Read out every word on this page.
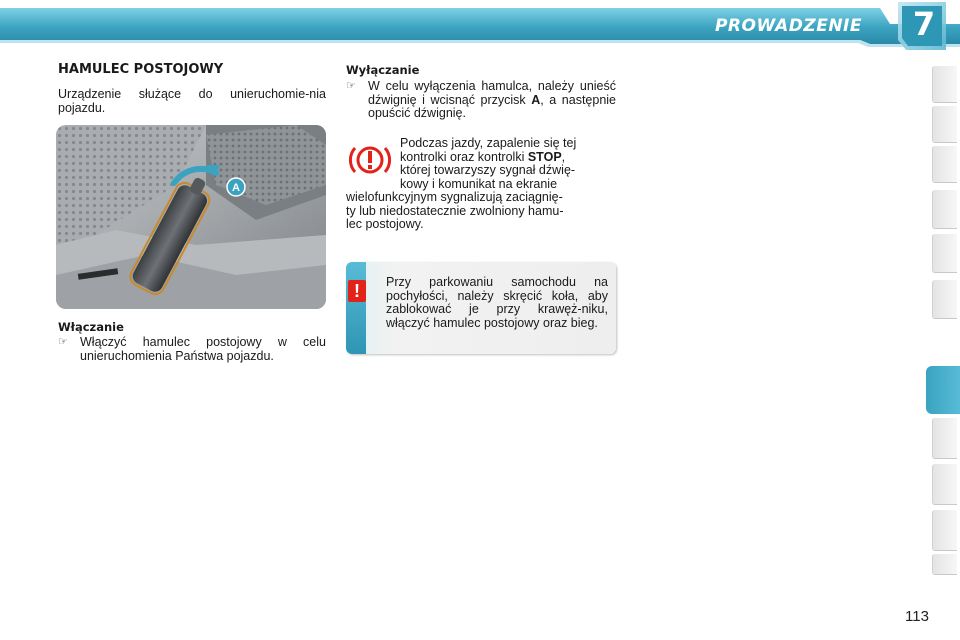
PROWADZENIE 7
HAMULEC POSTOJOWY
Urządzenie służące do unieruchomie-nia pojazdu.
A
Włączanie
☞ Włączyć hamulec postojowy w celu unieruchomienia Państwa pojazdu.
Wyłączanie
☞ W celu wyłączenia hamulca, należy unieść dźwignię i wcisnąć przycisk A, a następnie opuścić dźwignię.
Podczas jazdy, zapalenie się tej
kontrolki oraz kontrolki STOP,
której towarzyszy sygnał dźwię-
kowy i komunikat na ekranie
wielofunkcyjnym sygnalizują zaciągnię-
ty lub niedostatecznie zwolniony hamu-
lec postojowy.
!	Przy parkowaniu samochodu na pochyłości, należy skręcić koła, aby zablokować je przy krawęż-niku, włączyć hamulec postojowy oraz bieg.
113
